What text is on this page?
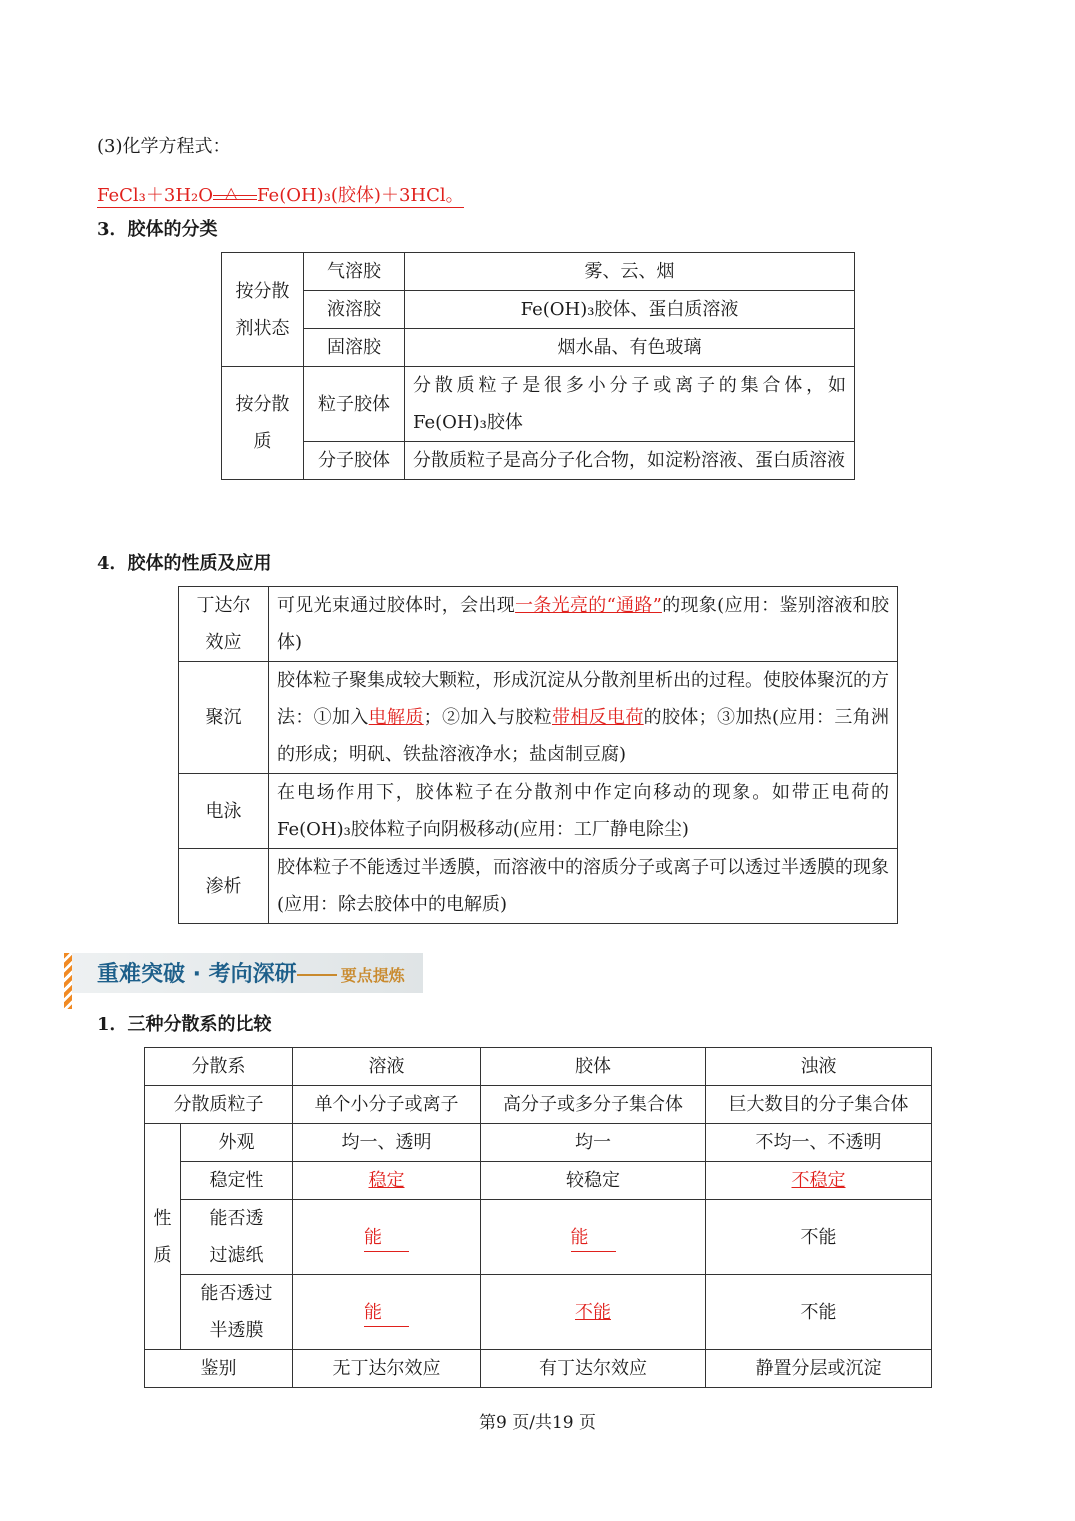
(3)化学方程式：
FeCl₃＋3H₂O △ Fe(OH)₃(胶体)＋3HCl。
3．胶体的分类
按分散剂状态	气溶胶	雾、云、烟
	液溶胶	Fe(OH)₃胶体、蛋白质溶液
	固溶胶	烟水晶、有色玻璃
按分散质	粒子胶体	分散质粒子是很多小分子或离子的集合体，如Fe(OH)₃胶体
	分子胶体	分散质粒子是高分子化合物，如淀粉溶液、蛋白质溶液
4．胶体的性质及应用
丁达尔效应	可见光束通过胶体时，会出现一条光亮的“通路”的现象(应用：鉴别溶液和胶体)
聚沉	胶体粒子聚集成较大颗粒，形成沉淀从分散剂里析出的过程。使胶体聚沉的方法：①加入电解质；②加入与胶粒带相反电荷的胶体；③加热(应用：三角洲的形成；明矾、铁盐溶液净水；盐卤制豆腐)
电泳	在电场作用下，胶体粒子在分散剂中作定向移动的现象。如带正电荷的Fe(OH)₃胶体粒子向阴极移动(应用：工厂静电除尘)
渗析	胶体粒子不能透过半透膜，而溶液中的溶质分子或离子可以透过半透膜的现象(应用：除去胶体中的电解质)
重难突破 · 考向深研	要点提炼
1．三种分散系的比较
分散系		溶液	胶体	浊液
分散质粒子		单个小分子或离子	高分子或多分子集合体	巨大数目的分子集合体
性质	外观	均一、透明	均一	不均一、不透明
	稳定性	稳定	较稳定	不稳定
	能否透过滤纸	能	能	不能
	能否透过半透膜	能	不能	不能
鉴别		无丁达尔效应	有丁达尔效应	静置分层或沉淀
第9 页/共19 页
